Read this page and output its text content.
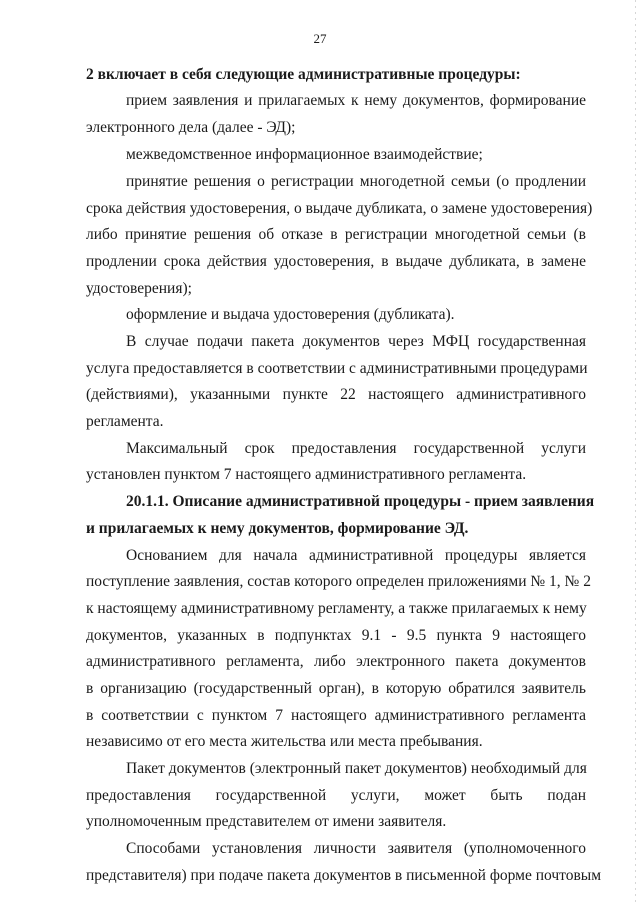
27
2 включает в себя следующие административные процедуры:
прием заявления и прилагаемых к нему документов, формирование
электронного дела (далее - ЭД);
межведомственное информационное взаимодействие;
принятие решения о регистрации многодетной семьи (о продлении
срока действия удостоверения, о выдаче дубликата, о замене удостоверения)
либо принятие решения об отказе в регистрации многодетной семьи (в
продлении срока действия удостоверения, в выдаче дубликата, в замене
удостоверения);
оформление и выдача удостоверения (дубликата).
В случае подачи пакета документов через МФЦ государственная
услуга предоставляется в соответствии с административными процедурами
(действиями), указанными пункте 22 настоящего административного
регламента.
Максимальный срок предоставления государственной услуги
установлен пунктом 7 настоящего административного регламента.
20.1.1. Описание административной процедуры - прием заявления
и прилагаемых к нему документов, формирование ЭД.
Основанием для начала административной процедуры является
поступление заявления, состав которого определен приложениями № 1, № 2
к настоящему административному регламенту, а также прилагаемых к нему
документов, указанных в подпунктах 9.1 - 9.5 пункта 9 настоящего
административного регламента, либо электронного пакета документов
в организацию (государственный орган), в которую обратился заявитель
в соответствии с пунктом 7 настоящего административного регламента
независимо от его места жительства или места пребывания.
Пакет документов (электронный пакет документов) необходимый для
предоставления государственной услуги, может быть подан
уполномоченным представителем от имени заявителя.
Способами установления личности заявителя (уполномоченного
представителя) при подаче пакета документов в письменной форме почтовым
